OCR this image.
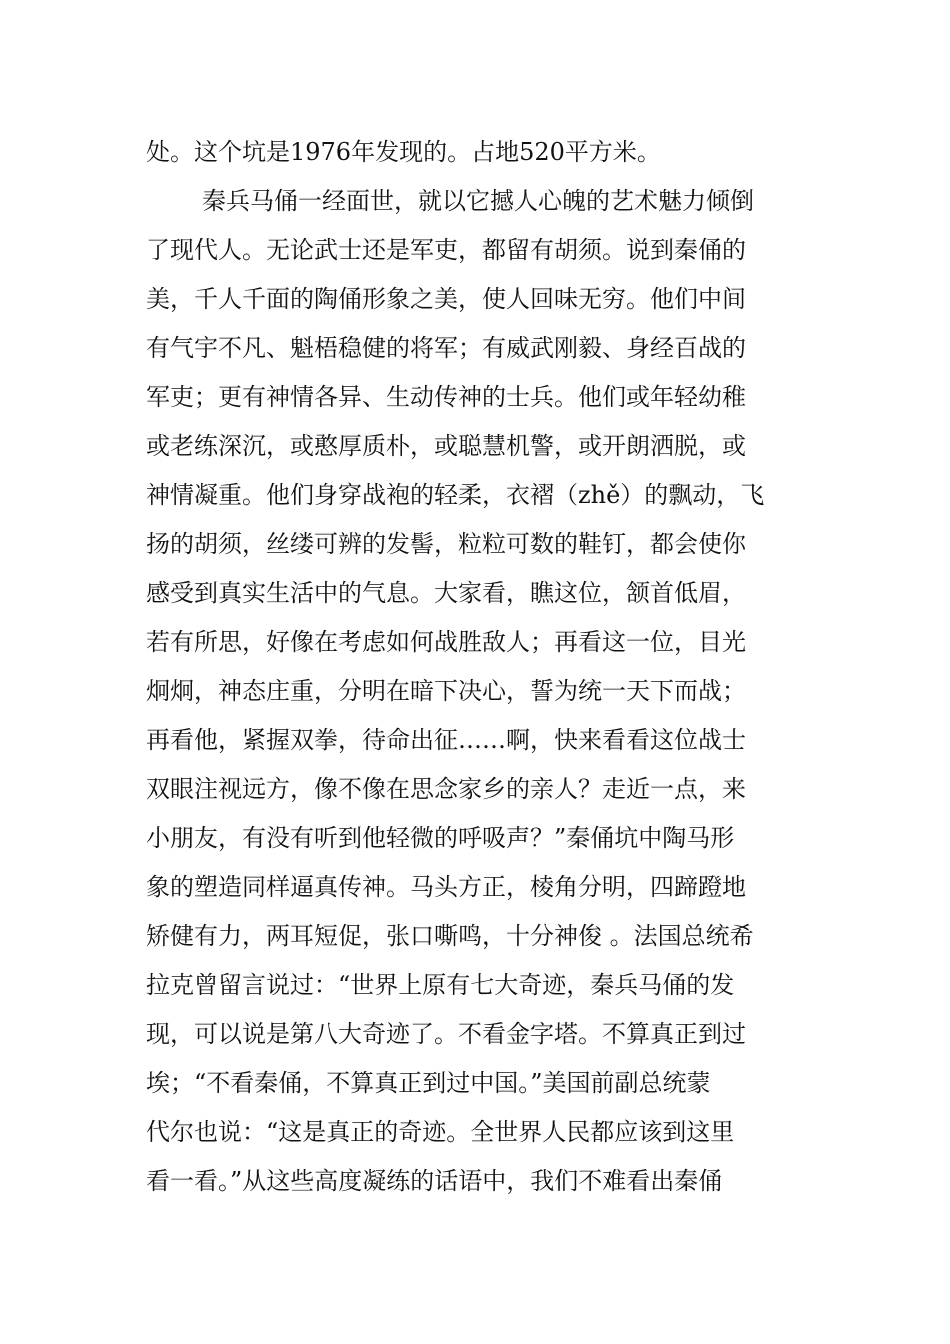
处。这个坑是1976年发现的。占地520平方米。
秦兵马俑一经面世，就以它撼人心魄的艺术魅力倾倒
了现代人。无论武士还是军吏，都留有胡须。说到秦俑的
美，千人千面的陶俑形象之美，使人回味无穷。他们中间
有气宇不凡、魁梧稳健的将军；有威武刚毅、身经百战的
军吏；更有神情各异、生动传神的士兵。他们或年轻幼稚
或老练深沉，或憨厚质朴，或聪慧机警，或开朗洒脱，或
神情凝重。他们身穿战袍的轻柔，衣褶（zhě）的飘动，飞
扬的胡须，丝缕可辨的发髻，粒粒可数的鞋钉，都会使你
感受到真实生活中的气息。大家看，瞧这位，颔首低眉，
若有所思，好像在考虑如何战胜敌人；再看这一位，目光
炯炯，神态庄重，分明在暗下决心，誓为统一天下而战；
再看他，紧握双拳，待命出征……啊，快来看看这位战士
双眼注视远方，像不像在思念家乡的亲人？走近一点，来
小朋友，有没有听到他轻微的呼吸声？”秦俑坑中陶马形
象的塑造同样逼真传神。马头方正，棱角分明，四蹄蹬地
矫健有力，两耳短促，张口嘶鸣，十分神俊 。法国总统希
拉克曾留言说过：“世界上原有七大奇迹，秦兵马俑的发
现，可以说是第八大奇迹了。不看金字塔。不算真正到过
埃；“不看秦俑，不算真正到过中国。”美国前副总统蒙
代尔也说：“这是真正的奇迹。全世界人民都应该到这里
看一看。”从这些高度凝练的话语中，我们不难看出秦俑
